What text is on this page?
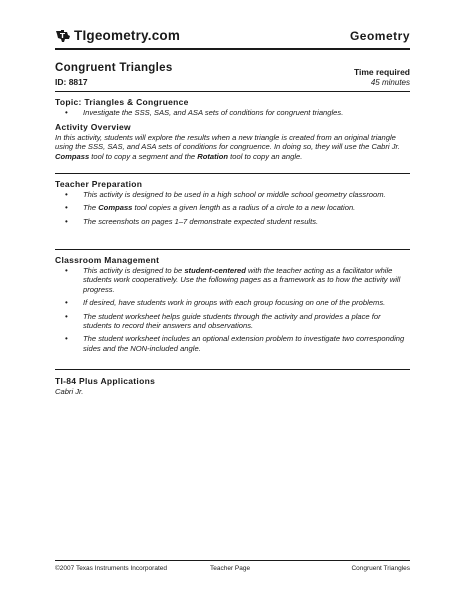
TIgeometry.com	Geometry
Congruent Triangles
ID: 8817
Time required
45 minutes
Topic: Triangles & Congruence
• Investigate the SSS, SAS, and ASA sets of conditions for congruent triangles.
Activity Overview

In this activity, students will explore the results when a new triangle is created from an original triangle using the SSS, SAS, and ASA sets of conditions for congruence. In doing so, they will use the Cabri Jr. Compass tool to copy a segment and the Rotation tool to copy an angle.

Teacher Preparation
• This activity is designed to be used in a high school or middle school geometry classroom.
• The Compass tool copies a given length as a radius of a circle to a new location.
• The screenshots on pages 1–7 demonstrate expected student results.
Classroom Management
• This activity is designed to be student-centered with the teacher acting as a facilitator while students work cooperatively. Use the following pages as a framework as to how the activity will progress.
• If desired, have students work in groups with each group focusing on one of the problems.
• The student worksheet helps guide students through the activity and provides a place for students to record their answers and observations.
• The student worksheet includes an optional extension problem to investigate two corresponding sides and the NON-included angle.
TI-84 Plus Applications

Cabri Jr.

©2007 Texas Instruments Incorporated	Teacher Page	Congruent Triangles
